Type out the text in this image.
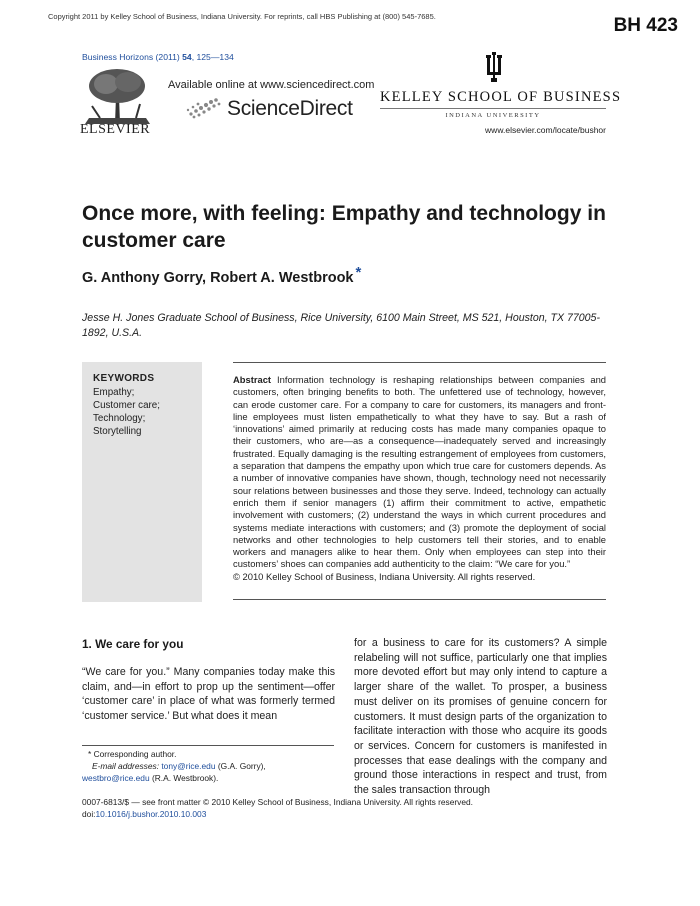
Copyright 2011 by Kelley School of Business, Indiana University. For reprints, call HBS Publishing at (800) 545-7685.	BH 423
Business Horizons (2011) 54, 125—134
ELSEVIER
Available online at www.sciencedirect.com
ScienceDirect KELLEY SCHOOL OF BUSINESS
INDIANA UNIVERSITY
www.elsevier.com/locate/bushor
Once more, with feeling: Empathy and technology in customer care
G. Anthony Gorry, Robert A. Westbrook *
Jesse H. Jones Graduate School of Business, Rice University, 6100 Main Street, MS 521, Houston, TX 77005-1892, U.S.A.
KEYWORDS
Empathy;
Customer care;
Technology;
Storytelling
Abstract Information technology is reshaping relationships between companies and customers, often bringing benefits to both. The unfettered use of technology, however, can erode customer care. For a company to care for customers, its managers and front-line employees must listen empathetically to what they have to say. But a rash of ‘innovations’ aimed primarily at reducing costs has made many companies opaque to their customers, who are—as a consequence—inadequately served and increasingly frustrated. Equally damaging is the resulting estrangement of employees from customers, a separation that dampens the empathy upon which true care for customers depends. As a number of innovative companies have shown, though, technology need not necessarily sour relations between businesses and those they serve. Indeed, technology can actually enrich them if senior managers (1) affirm their commitment to active, empathetic involvement with customers; (2) understand the ways in which current procedures and systems mediate interactions with customers; and (3) promote the deployment of social networks and other technologies to help customers tell their stories, and to enable workers and managers alike to hear them. Only when employees can step into their customers’ shoes can companies add authenticity to the claim: “We care for you.”
© 2010 Kelley School of Business, Indiana University. All rights reserved.
1. We care for you
“We care for you.” Many companies today make this claim, and—in effort to prop up the sentiment—offer ‘customer care’ in place of what was formerly termed ‘customer service.’ But what does it mean
for a business to care for its customers? A simple relabeling will not suffice, particularly one that implies more devoted effort but may only intend to capture a larger share of the wallet. To prosper, a business must deliver on its promises of genuine concern for customers. It must design parts of the organization to facilitate interaction with those who acquire its goods or services. Concern for customers is manifested in processes that ease dealings with the company and ground those interactions in respect and trust, from the sales transaction through
* Corresponding author.
E-mail addresses: tony@rice.edu (G.A. Gorry),
westbro@rice.edu (R.A. Westbrook).
0007-6813/$ — see front matter © 2010 Kelley School of Business, Indiana University. All rights reserved.
doi:10.1016/j.bushor.2010.10.003
